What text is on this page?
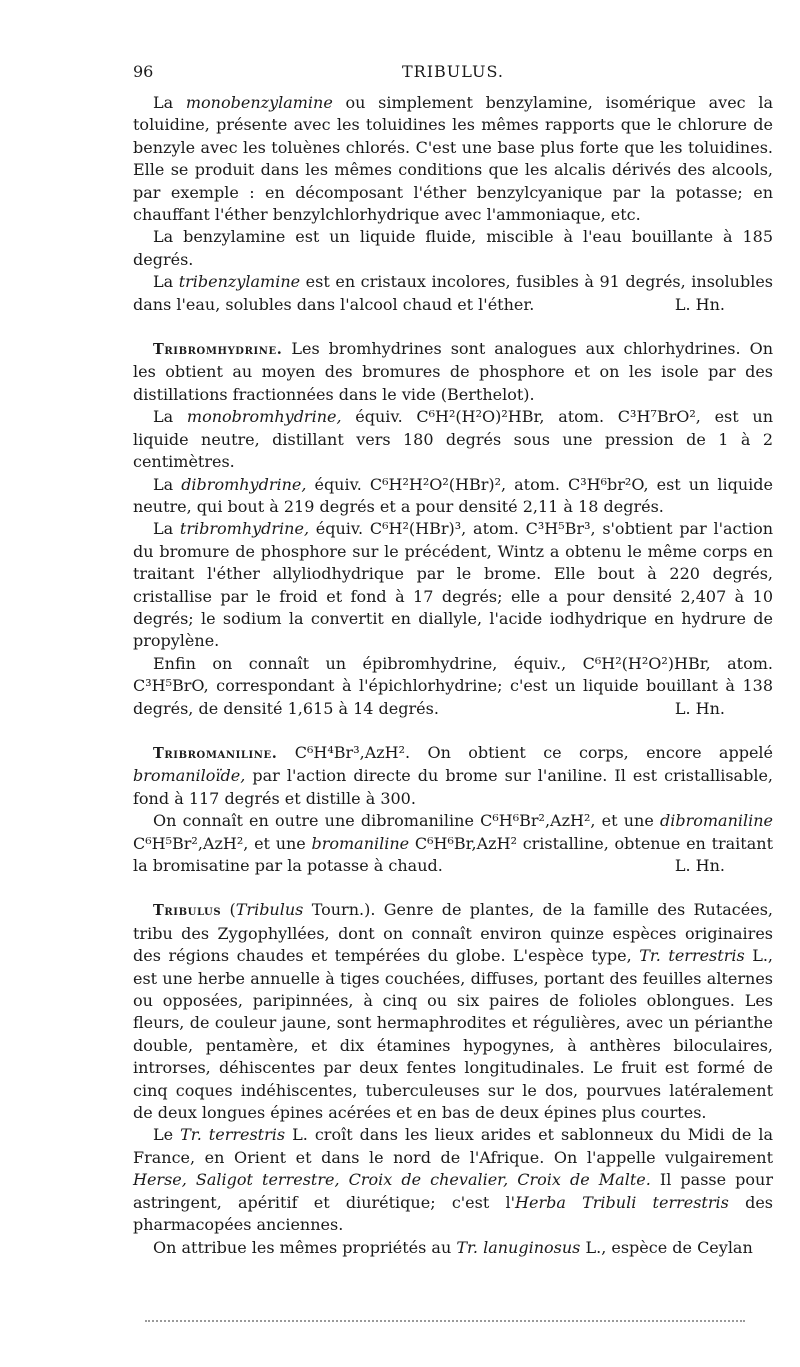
96	TRIBULUS.

La monobenzylamine ou simplement benzylamine, isomérique avec la toluidine, présente avec les toluidines les mêmes rapports que le chlorure de benzyle avec les toluènes chlorés. C'est une base plus forte que les toluidines. Elle se produit dans les mêmes conditions que les alcalis dérivés des alcools, par exemple : en décomposant l'éther benzylcyanique par la potasse; en chauffant l'éther benzylchlorhydrique avec l'ammoniaque, etc.

La benzylamine est un liquide fluide, miscible à l'eau bouillante à 185 degrés.

La tribenzylamine est en cristaux incolores, fusibles à 91 degrés, insolubles dans l'eau, solubles dans l'alcool chaud et l'éther.	L. Hn.

Tribromhydrine. Les bromhydrines sont analogues aux chlorhydrines. On les obtient au moyen des bromures de phosphore et on les isole par des distillations fractionnées dans le vide (Berthelot).

La monobromhydrine, équiv. C⁶H²(H²O)²HBr, atom. C³H⁷BrO², est un liquide neutre, distillant vers 180 degrés sous une pression de 1 à 2 centimètres.

La dibromhydrine, équiv. C⁶H²H²O²(HBr)², atom. C³H⁶br²O, est un liquide neutre, qui bout à 219 degrés et a pour densité 2,11 à 18 degrés.

La tribromhydrine, équiv. C⁶H²(HBr)³, atom. C³H⁵Br³, s'obtient par l'action du bromure de phosphore sur le précédent, Wintz a obtenu le même corps en traitant l'éther allyliodhydrique par le brome. Elle bout à 220 degrés, cristallise par le froid et fond à 17 degrés; elle a pour densité 2,407 à 10 degrés; le sodium la convertit en diallyle, l'acide iodhydrique en hydrure de propylène.

Enfin on connaît un épibromhydrine, équiv., C⁶H²(H²O²)HBr, atom. C³H⁵BrO, correspondant à l'épichlorhydrine; c'est un liquide bouillant à 138 degrés, de densité 1,615 à 14 degrés.	L. Hn.

Tribromaniline. C⁶H⁴Br³,AzH². On obtient ce corps, encore appelé bromaniloïde, par l'action directe du brome sur l'aniline. Il est cristallisable, fond à 117 degrés et distille à 300.

On connaît en outre une dibromaniline C⁶H⁶Br²,AzH², et une dibromaniline C⁶H⁵Br²,AzH², et une bromaniline C⁶H⁶Br,AzH² cristalline, obtenue en traitant la bromisatine par la potasse à chaud.	L. Hn.

Tribulus (Tribulus Tourn.). Genre de plantes, de la famille des Rutacées, tribu des Zygophyllées, dont on connaît environ quinze espèces originaires des régions chaudes et tempérées du globe. L'espèce type, Tr. terrestris L., est une herbe annuelle à tiges couchées, diffuses, portant des feuilles alternes ou opposées, paripinnées, à cinq ou six paires de folioles oblongues. Les fleurs, de couleur jaune, sont hermaphrodites et régulières, avec un périanthe double, pentamère, et dix étamines hypogynes, à anthères biloculaires, introrses, déhiscentes par deux fentes longitudinales. Le fruit est formé de cinq coques indéhiscentes, tuberculeuses sur le dos, pourvues latéralement de deux longues épines acérées et en bas de deux épines plus courtes.

Le Tr. terrestris L. croît dans les lieux arides et sablonneux du Midi de la France, en Orient et dans le nord de l'Afrique. On l'appelle vulgairement Herse, Saligot terrestre, Croix de chevalier, Croix de Malte. Il passe pour astringent, apéritif et diurétique; c'est l'Herba Tribuli terrestris des pharmacopées anciennes.

On attribue les mêmes propriétés au Tr. lanuginosus L., espèce de Ceylan
